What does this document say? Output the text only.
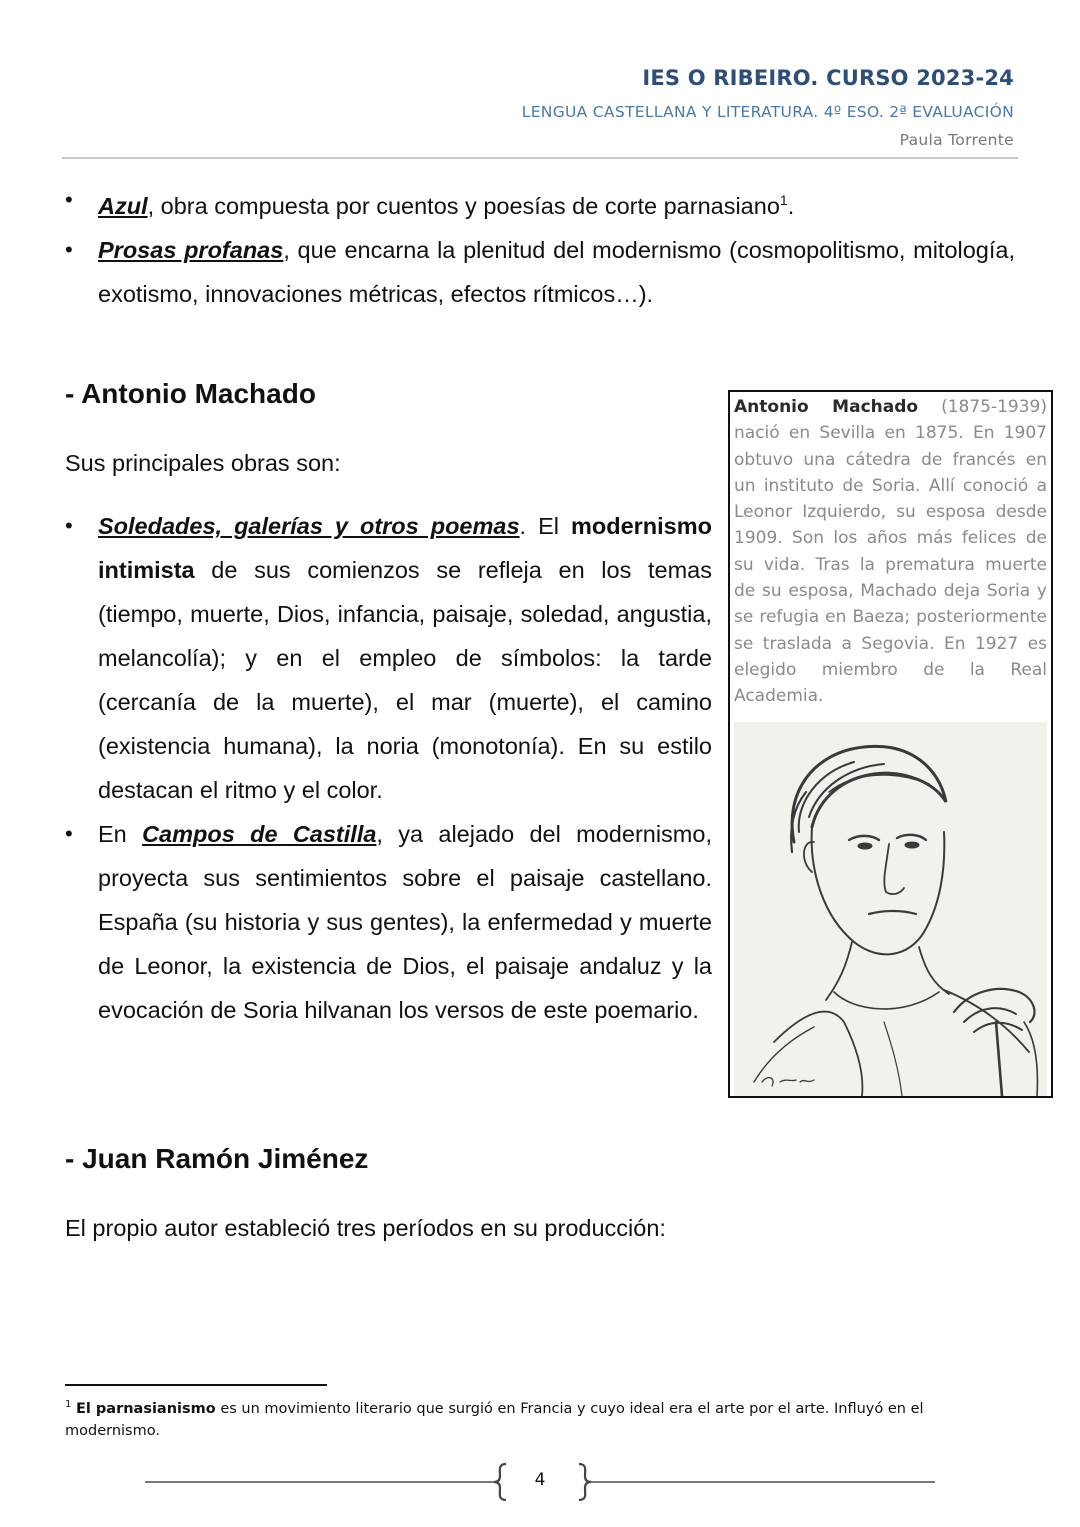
IES O RIBEIRO. CURSO 2023-24
LENGUA CASTELLANA Y LITERATURA. 4º ESO. 2ª EVALUACIÓN
Paula Torrente
• Azul, obra compuesta por cuentos y poesías de corte parnasiano$^1$.
• Prosas profanas, que encarna la plenitud del modernismo (cosmopolitismo, mitología, exotismo, innovaciones métricas, efectos rítmicos…).
- Antonio Machado

Sus principales obras son:

• Soledades, galerías y otros poemas. El modernismo intimista de sus comienzos se refleja en los temas (tiempo, muerte, Dios, infancia, paisaje, soledad, angustia, melancolía); y en el empleo de símbolos: la tarde (cercanía de la muerte), el mar (muerte), el camino (existencia humana), la noria (monotonía). En su estilo destacan el ritmo y el color.
• En Campos de Castilla, ya alejado del modernismo, proyecta sus sentimientos sobre el paisaje castellano. España (su historia y sus gentes), la enfermedad y muerte de Leonor, la existencia de Dios, el paisaje andaluz y la evocación de Soria hilvanan los versos de este poemario.

Antonio Machado (1875-1939) nació en Sevilla en 1875. En 1907 obtuvo una cátedra de francés en un instituto de Soria. Allí conoció a Leonor Izquierdo, su esposa desde 1909. Son los años más felices de su vida. Tras la prematura muerte de su esposa, Machado deja Soria y se refugia en Baeza; posteriormente se traslada a Segovia. En 1927 es elegido miembro de la Real Academia.

- Juan Ramón Jiménez

El propio autor estableció tres períodos en su producción:

$^1$ El parnasianismo es un movimiento literario que surgió en Francia y cuyo ideal era el arte por el arte. Influyó en el modernismo.

4
